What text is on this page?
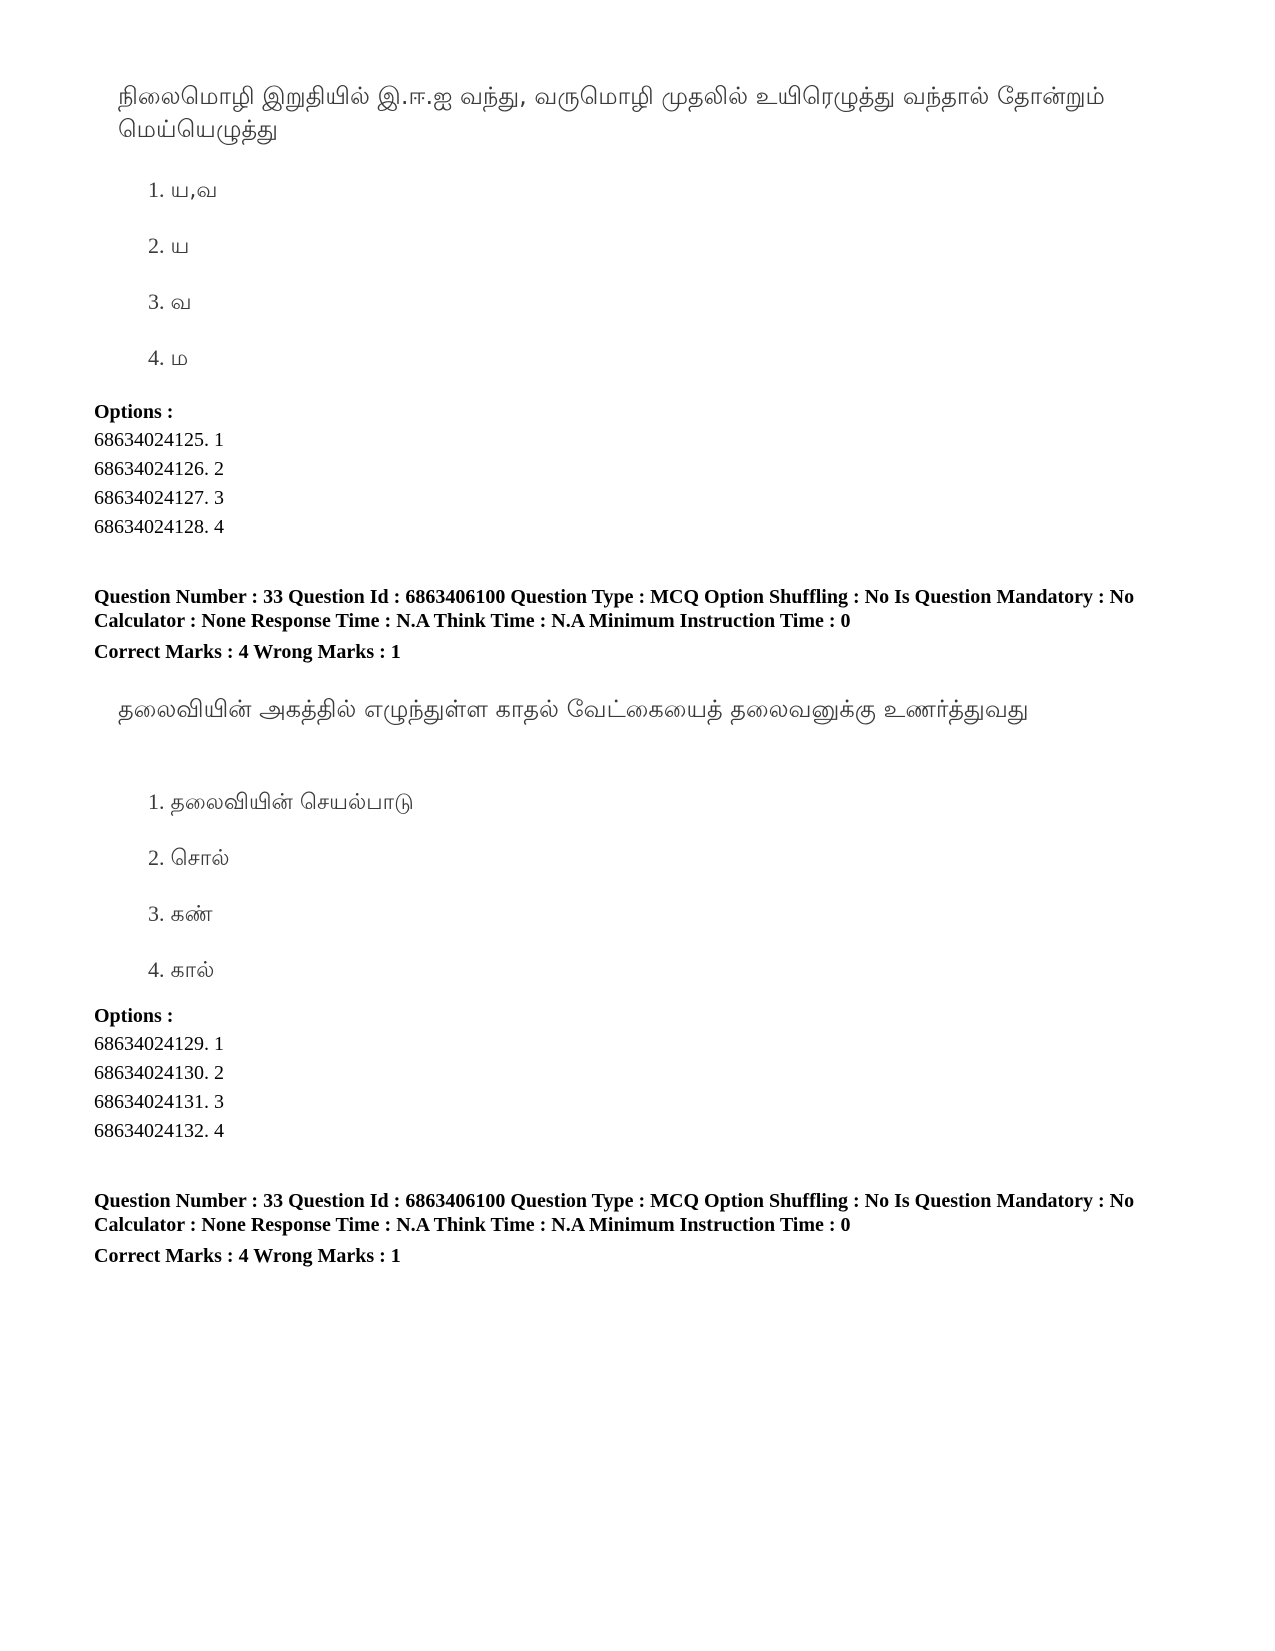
நிலைமொழி இறுதியில் இ.ஈ.ஐ வந்து, வருமொழி முதலில் உயிரெழுத்து வந்தால் தோன்றும் மெய்யெழுத்து

1. ய,வ
2. ய
3. வ
4. ம
Options :
68634024125. 1
68634024126. 2
68634024127. 3
68634024128. 4

Question Number : 33 Question Id : 6863406100 Question Type : MCQ Option Shuffling : No Is Question Mandatory : No Calculator : None Response Time : N.A Think Time : N.A Minimum Instruction Time : 0

Correct Marks : 4 Wrong Marks : 1

தலைவியின் அகத்தில் எழுந்துள்ள காதல் வேட்கையைத் தலைவனுக்கு உணர்த்துவது

1. தலைவியின் செயல்பாடு
2. சொல்
3. கண்
4. கால்
Options :
68634024129. 1
68634024130. 2
68634024131. 3
68634024132. 4

Question Number : 33 Question Id : 6863406100 Question Type : MCQ Option Shuffling : No Is Question Mandatory : No Calculator : None Response Time : N.A Think Time : N.A Minimum Instruction Time : 0

Correct Marks : 4 Wrong Marks : 1
